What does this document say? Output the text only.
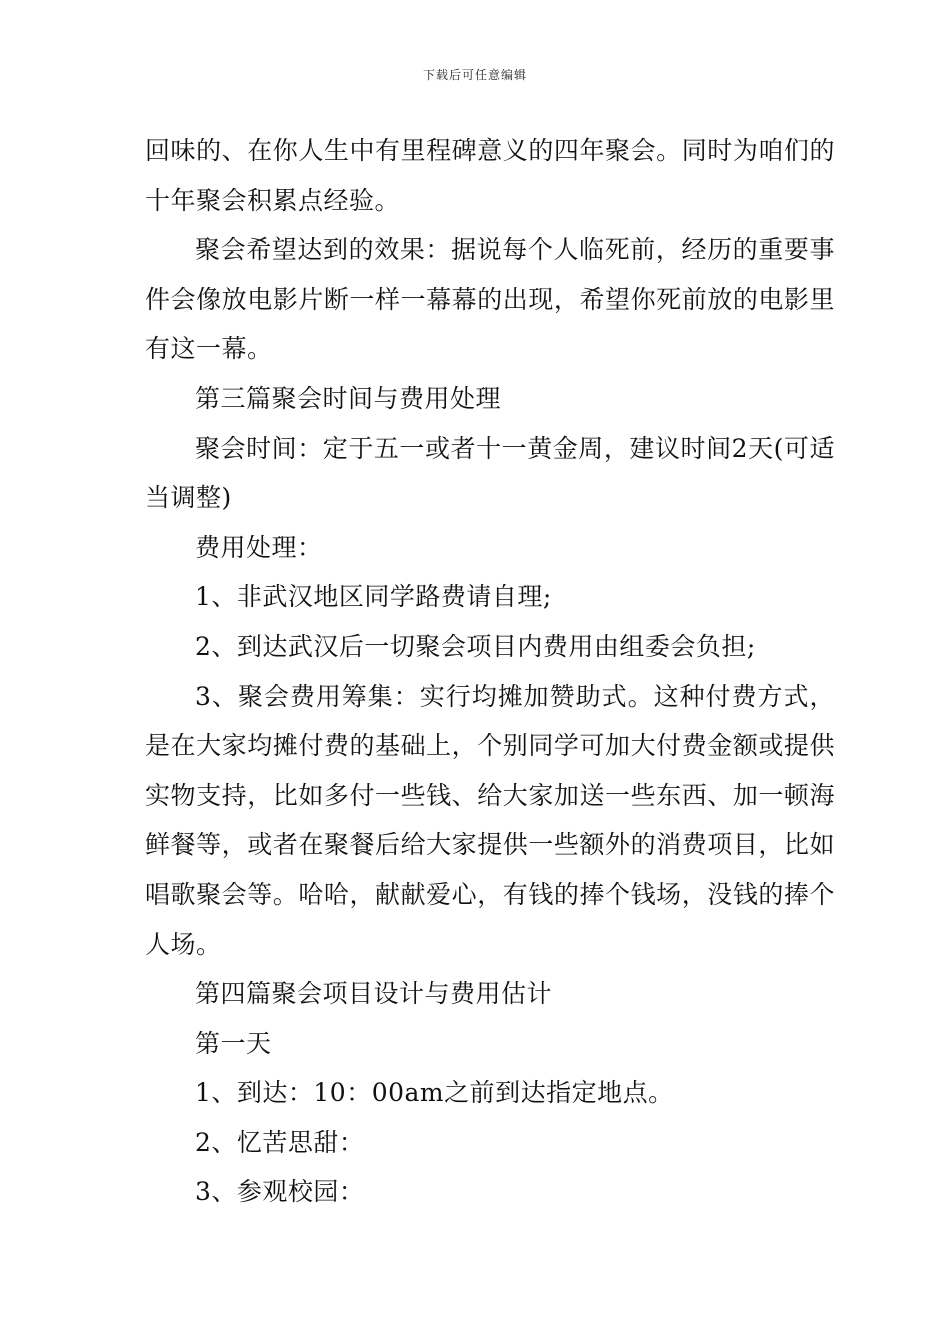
下载后可任意编辑

回味的、在你人生中有里程碑意义的四年聚会。同时为咱们的十年聚会积累点经验。

聚会希望达到的效果：据说每个人临死前，经历的重要事件会像放电影片断一样一幕幕的出现，希望你死前放的电影里有这一幕。

第三篇聚会时间与费用处理

聚会时间：定于五一或者十一黄金周，建议时间2天(可适当调整)

费用处理：

1、非武汉地区同学路费请自理;

2、到达武汉后一切聚会项目内费用由组委会负担;

3、聚会费用筹集：实行均摊加赞助式。这种付费方式，是在大家均摊付费的基础上，个别同学可加大付费金额或提供实物支持，比如多付一些钱、给大家加送一些东西、加一顿海鲜餐等，或者在聚餐后给大家提供一些额外的消费项目，比如唱歌聚会等。哈哈，献献爱心，有钱的捧个钱场，没钱的捧个人场。

第四篇聚会项目设计与费用估计

第一天

1、到达：10：00am之前到达指定地点。

2、忆苦思甜：

3、参观校园：
